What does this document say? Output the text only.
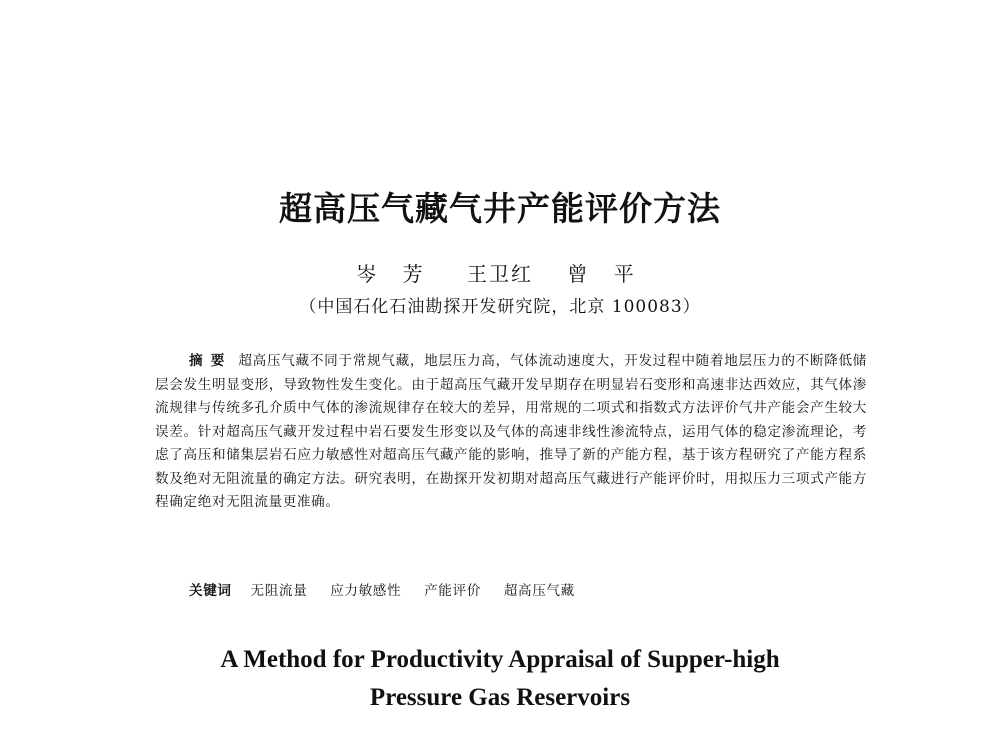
超高压气藏气井产能评价方法
岑 芳 王卫红 曾 平
（中国石化石油勘探开发研究院，北京 100083）

摘要 超高压气藏不同于常规气藏，地层压力高，气体流动速度大，开发过程中随着地层压力的不断降低储层会发生明显变形，导致物性发生变化。由于超高压气藏开发早期存在明显岩石变形和高速非达西效应，其气体渗流规律与传统多孔介质中气体的渗流规律存在较大的差异，用常规的二项式和指数式方法评价气井产能会产生较大误差。针对超高压气藏开发过程中岩石要发生形变以及气体的高速非线性渗流特点，运用气体的稳定渗流理论，考虑了高压和储集层岩石应力敏感性对超高压气藏产能的影响，推导了新的产能方程，基于该方程研究了产能方程系数及绝对无阻流量的确定方法。研究表明，在勘探开发初期对超高压气藏进行产能评价时，用拟压力三项式产能方程确定绝对无阻流量更准确。

关键词 无阻流量 应力敏感性 产能评价 超高压气藏
A Method for Productivity Appraisal of Supper-high
Pressure Gas Reservoirs
